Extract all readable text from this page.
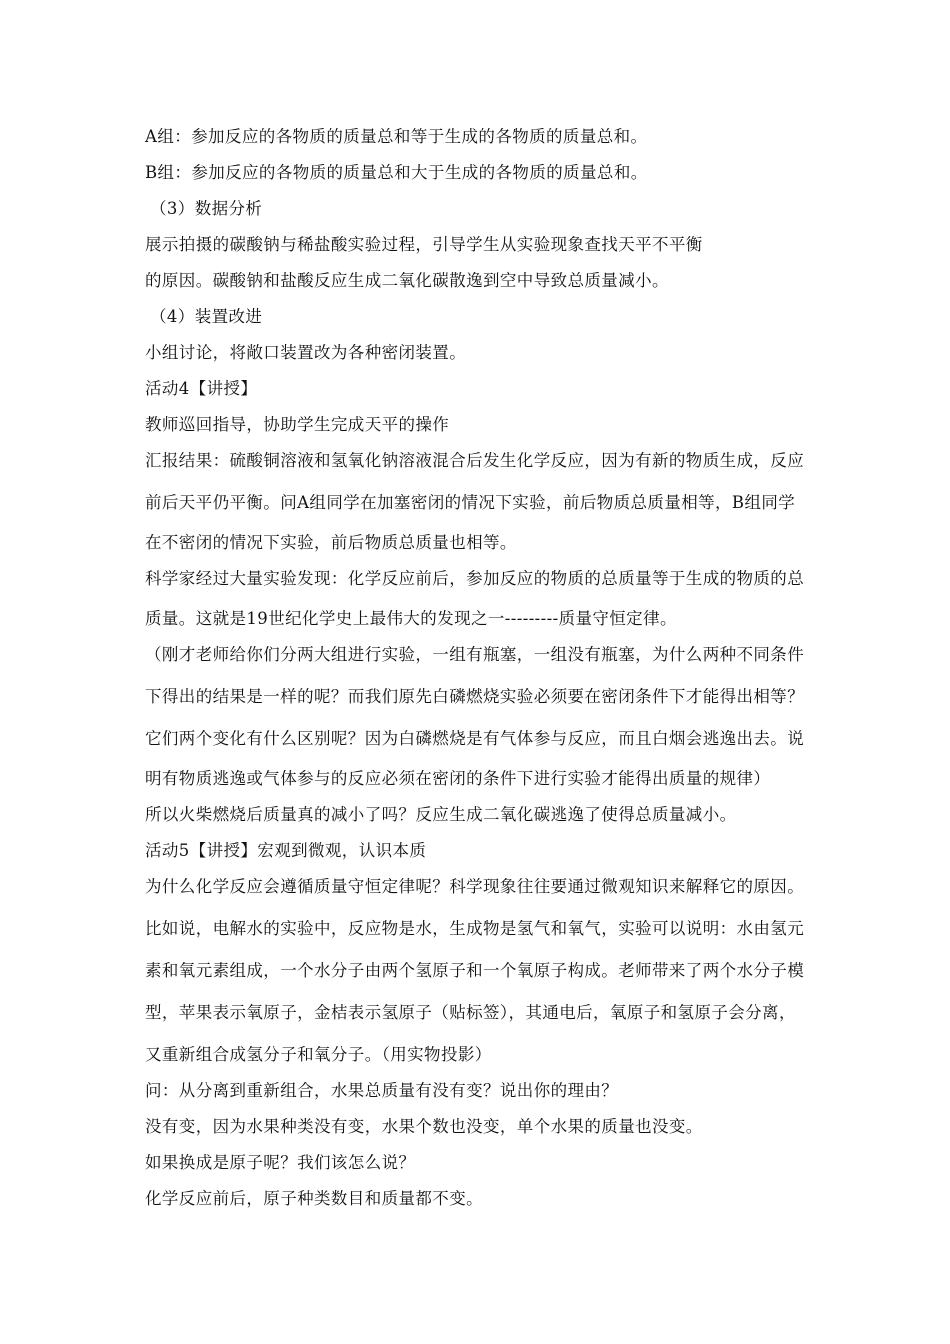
A组：参加反应的各物质的质量总和等于生成的各物质的质量总和。
B组：参加反应的各物质的质量总和大于生成的各物质的质量总和。
（3）数据分析
展示拍摄的碳酸钠与稀盐酸实验过程，引导学生从实验现象查找天平不平衡
的原因。碳酸钠和盐酸反应生成二氧化碳散逸到空中导致总质量减小。
（4）装置改进
小组讨论，将敞口装置改为各种密闭装置。
活动4【讲授】
教师巡回指导，协助学生完成天平的操作
汇报结果：硫酸铜溶液和氢氧化钠溶液混合后发生化学反应，因为有新的物质生成，反应
前后天平仍平衡。问A组同学在加塞密闭的情况下实验，前后物质总质量相等，B组同学
在不密闭的情况下实验，前后物质总质量也相等。
科学家经过大量实验发现：化学反应前后，参加反应的物质的总质量等于生成的物质的总
质量。这就是19世纪化学史上最伟大的发现之一---------质量守恒定律。
（刚才老师给你们分两大组进行实验，一组有瓶塞，一组没有瓶塞，为什么两种不同条件
下得出的结果是一样的呢？而我们原先白磷燃烧实验必须要在密闭条件下才能得出相等？
它们两个变化有什么区别呢？因为白磷燃烧是有气体参与反应，而且白烟会逃逸出去。说
明有物质逃逸或气体参与的反应必须在密闭的条件下进行实验才能得出质量的规律）
所以火柴燃烧后质量真的减小了吗？反应生成二氧化碳逃逸了使得总质量减小。
活动5【讲授】宏观到微观，认识本质
为什么化学反应会遵循质量守恒定律呢？科学现象往往要通过微观知识来解释它的原因。
比如说，电解水的实验中，反应物是水，生成物是氢气和氧气，实验可以说明：水由氢元
素和氧元素组成，一个水分子由两个氢原子和一个氧原子构成。老师带来了两个水分子模
型，苹果表示氧原子，金桔表示氢原子（贴标签），其通电后，氧原子和氢原子会分离，
又重新组合成氢分子和氧分子。（用实物投影）
问：从分离到重新组合，水果总质量有没有变？说出你的理由？
没有变，因为水果种类没有变，水果个数也没变，单个水果的质量也没变。
如果换成是原子呢？我们该怎么说？
化学反应前后，原子种类数目和质量都不变。
